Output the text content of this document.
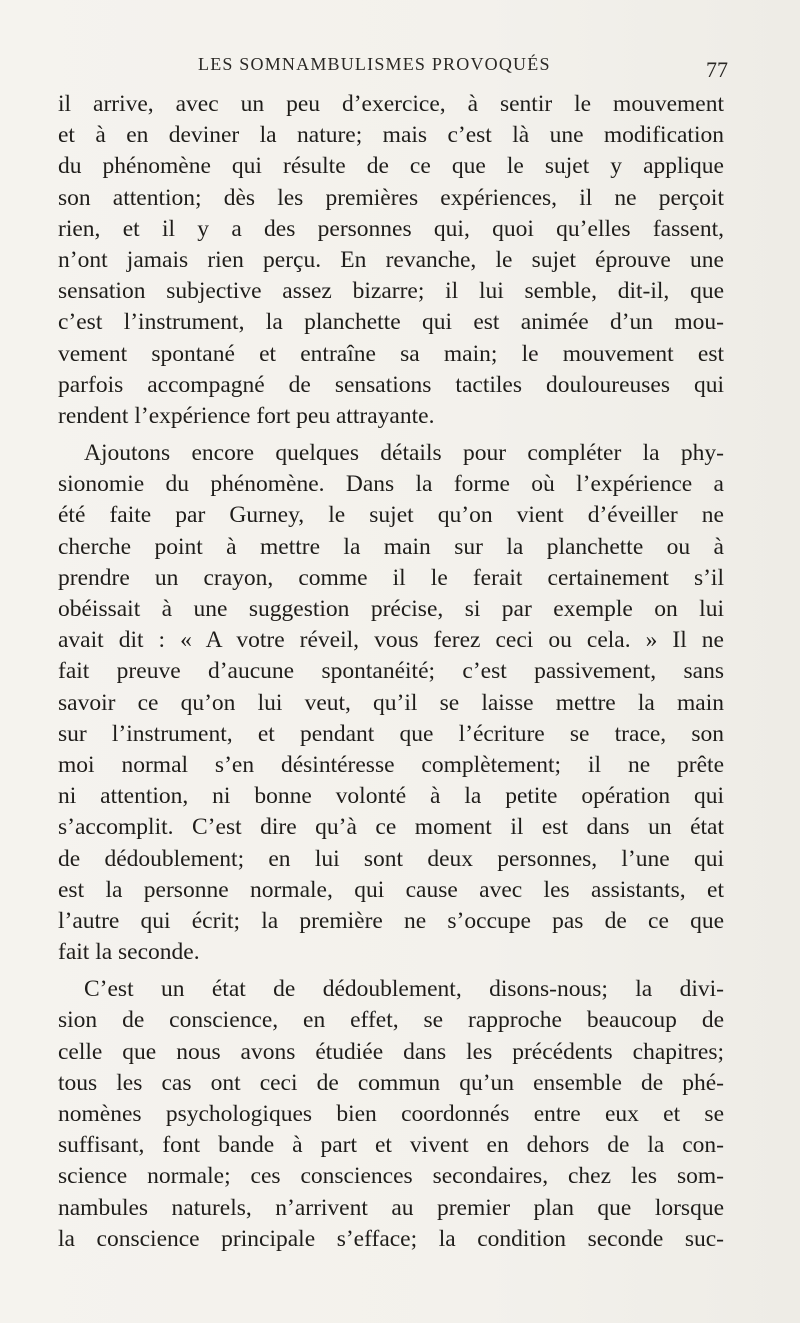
LES SOMNAMBULISMES PROVOQUÉS	77
il arrive, avec un peu d’exercice, à sentir le mouvement
et à en deviner la nature; mais c’est là une modification
du phénomène qui résulte de ce que le sujet y applique
son attention; dès les premières expériences, il ne perçoit
rien, et il y a des personnes qui, quoi qu’elles fassent,
n’ont jamais rien perçu. En revanche, le sujet éprouve une
sensation subjective assez bizarre; il lui semble, dit-il, que
c’est l’instrument, la planchette qui est animée d’un mou-
vement spontané et entraîne sa main; le mouvement est
parfois accompagné de sensations tactiles douloureuses qui
rendent l’expérience fort peu attrayante.
Ajoutons encore quelques détails pour compléter la phy-
sionomie du phénomène. Dans la forme où l’expérience a
été faite par Gurney, le sujet qu’on vient d’éveiller ne
cherche point à mettre la main sur la planchette ou à
prendre un crayon, comme il le ferait certainement s’il
obéissait à une suggestion précise, si par exemple on lui
avait dit : « A votre réveil, vous ferez ceci ou cela. » Il ne
fait preuve d’aucune spontanéité; c’est passivement, sans
savoir ce qu’on lui veut, qu’il se laisse mettre la main
sur l’instrument, et pendant que l’écriture se trace, son
moi normal s’en désintéresse complètement; il ne prête
ni attention, ni bonne volonté à la petite opération qui
s’accomplit. C’est dire qu’à ce moment il est dans un état
de dédoublement; en lui sont deux personnes, l’une qui
est la personne normale, qui cause avec les assistants, et
l’autre qui écrit; la première ne s’occupe pas de ce que
fait la seconde.
C’est un état de dédoublement, disons-nous; la divi-
sion de conscience, en effet, se rapproche beaucoup de
celle que nous avons étudiée dans les précédents chapitres;
tous les cas ont ceci de commun qu’un ensemble de phé-
nomènes psychologiques bien coordonnés entre eux et se
suffisant, font bande à part et vivent en dehors de la con-
science normale; ces consciences secondaires, chez les som-
nambules naturels, n’arrivent au premier plan que lorsque
la conscience principale s’efface; la condition seconde suc-
